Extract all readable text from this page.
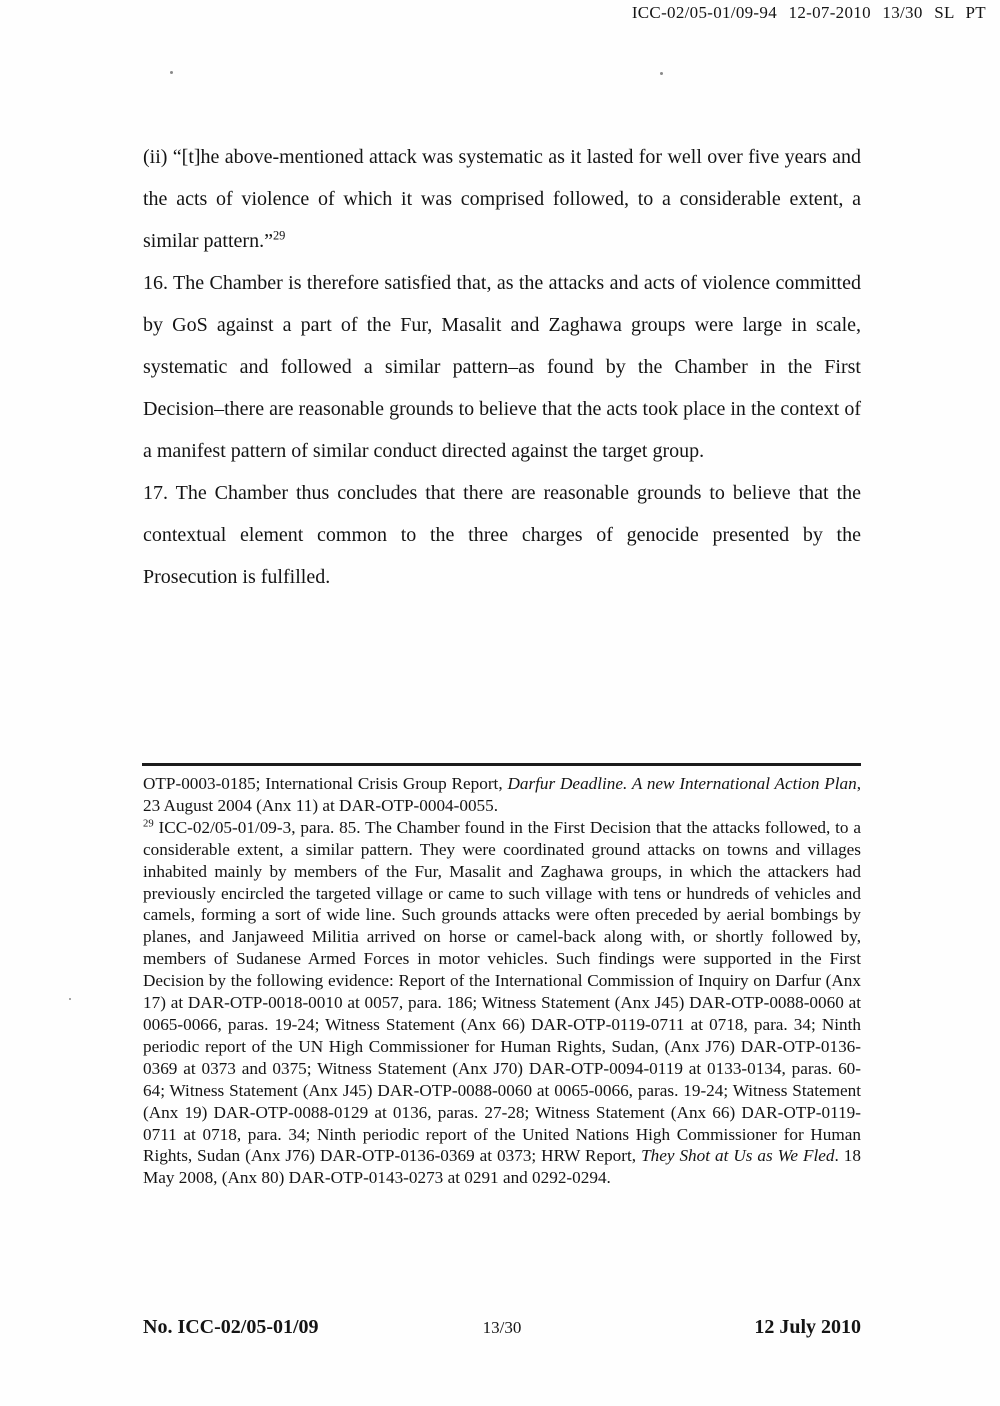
ICC-02/05-01/09-94 12-07-2010 13/30 SL PT

(ii) “[t]he above-mentioned attack was systematic as it lasted for well over five years and the acts of violence of which it was comprised followed, to a considerable extent, a similar pattern.”$^{29}$

16. The Chamber is therefore satisfied that, as the attacks and acts of violence committed by GoS against a part of the Fur, Masalit and Zaghawa groups were large in scale, systematic and followed a similar pattern–as found by the Chamber in the First Decision–there are reasonable grounds to believe that the acts took place in the context of a manifest pattern of similar conduct directed against the target group.

17. The Chamber thus concludes that there are reasonable grounds to believe that the contextual element common to the three charges of genocide presented by the Prosecution is fulfilled.

OTP-0003-0185; International Crisis Group Report, Darfur Deadline. A new International Action Plan, 23 August 2004 (Anx 11) at DAR-OTP-0004-0055.

$^{29}$ ICC-02/05-01/09-3, para. 85. The Chamber found in the First Decision that the attacks followed, to a considerable extent, a similar pattern. They were coordinated ground attacks on towns and villages inhabited mainly by members of the Fur, Masalit and Zaghawa groups, in which the attackers had previously encircled the targeted village or came to such village with tens or hundreds of vehicles and camels, forming a sort of wide line. Such grounds attacks were often preceded by aerial bombings by planes, and Janjaweed Militia arrived on horse or camel-back along with, or shortly followed by, members of Sudanese Armed Forces in motor vehicles. Such findings were supported in the First Decision by the following evidence: Report of the International Commission of Inquiry on Darfur (Anx 17) at DAR-OTP-0018-0010 at 0057, para. 186; Witness Statement (Anx J45) DAR-OTP-0088-0060 at 0065-0066, paras. 19-24; Witness Statement (Anx 66) DAR-OTP-0119-0711 at 0718, para. 34; Ninth periodic report of the UN High Commissioner for Human Rights, Sudan, (Anx J76) DAR-OTP-0136-0369 at 0373 and 0375; Witness Statement (Anx J70) DAR-OTP-0094-0119 at 0133-0134, paras. 60-64; Witness Statement (Anx J45) DAR-OTP-0088-0060 at 0065-0066, paras. 19-24; Witness Statement (Anx 19) DAR-OTP-0088-0129 at 0136, paras. 27-28; Witness Statement (Anx 66) DAR-OTP-0119-0711 at 0718, para. 34; Ninth periodic report of the United Nations High Commissioner for Human Rights, Sudan (Anx J76) DAR-OTP-0136-0369 at 0373; HRW Report, They Shot at Us as We Fled. 18 May 2008, (Anx 80) DAR-OTP-0143-0273 at 0291 and 0292-0294.

No. ICC-02/05-01/09	13/30	12 July 2010
